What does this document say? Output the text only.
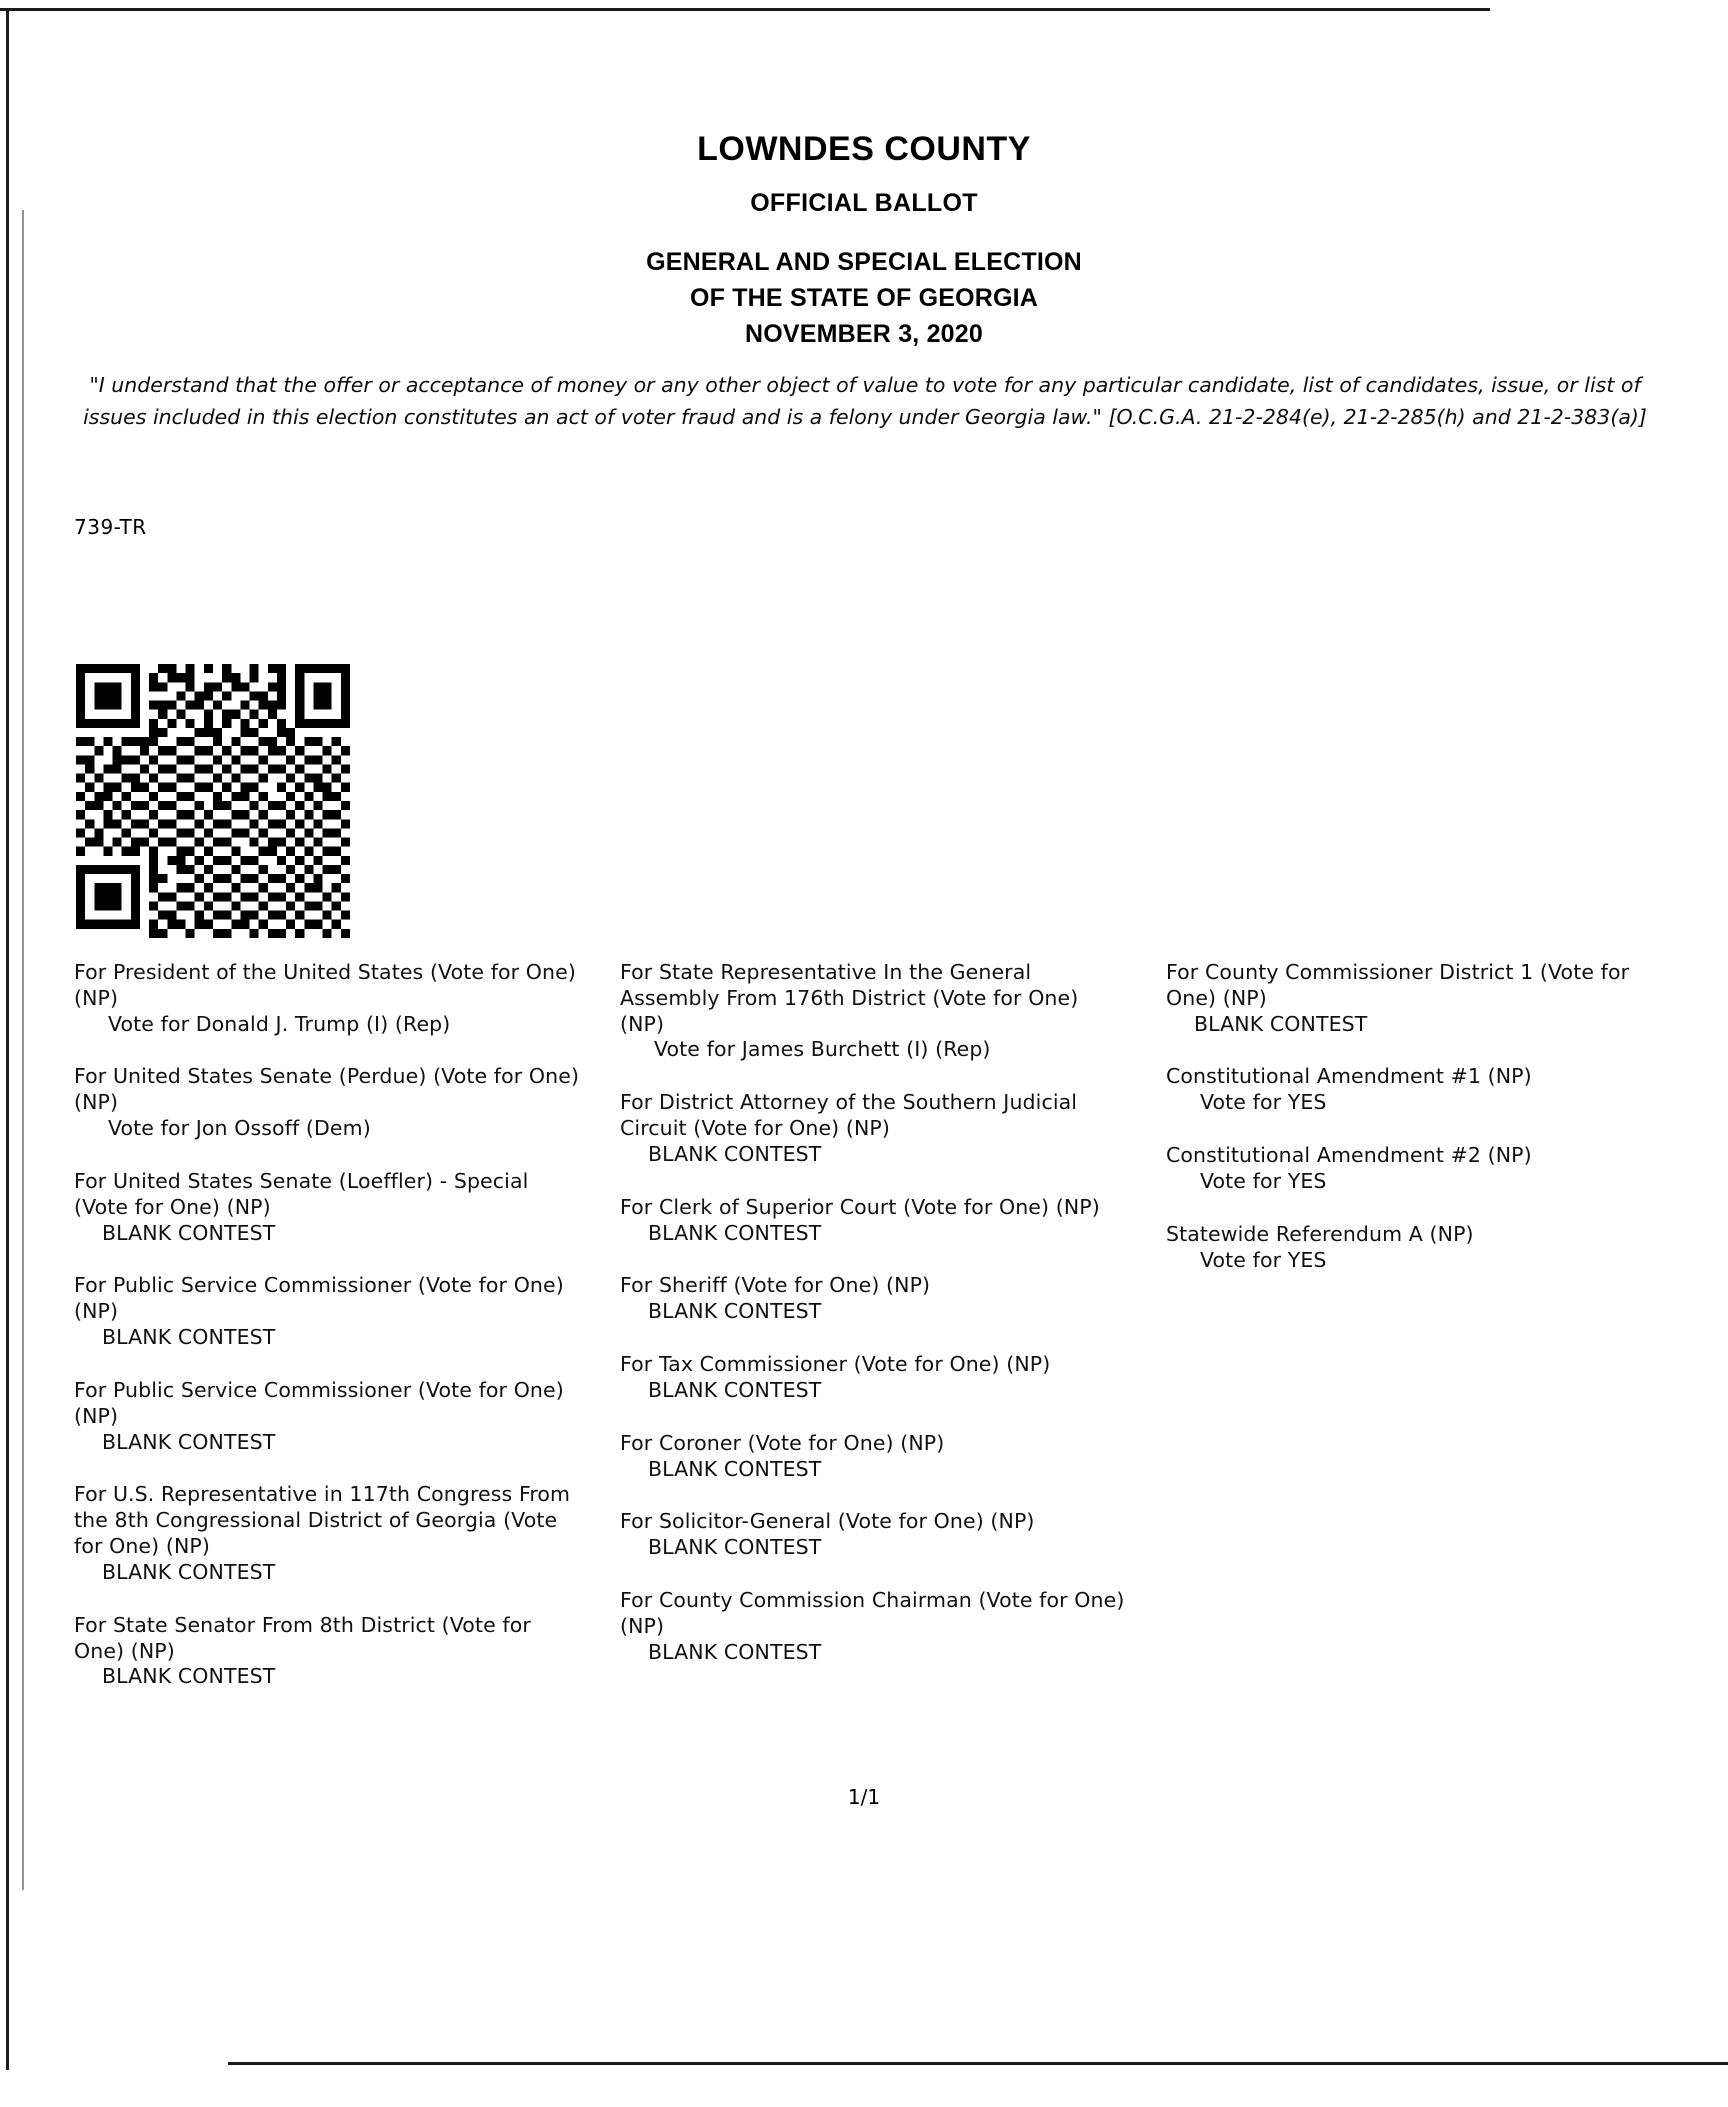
LOWNDES COUNTY
OFFICIAL BALLOT
GENERAL AND SPECIAL ELECTION
OF THE STATE OF GEORGIA
NOVEMBER 3, 2020
"I understand that the offer or acceptance of money or any other object of value to vote for any particular candidate, list of candidates, issue, or list of issues included in this election constitutes an act of voter fraud and is a felony under Georgia law." [O.C.G.A. 21-2-284(e), 21-2-285(h) and 21-2-383(a)]
739-TR
For President of the United States (Vote for One) (NP)
Vote for Donald J. Trump (I) (Rep)
For United States Senate (Perdue) (Vote for One) (NP)
Vote for Jon Ossoff (Dem)
For United States Senate (Loeffler) - Special (Vote for One) (NP)
BLANK CONTEST
For Public Service Commissioner (Vote for One) (NP)
BLANK CONTEST
For Public Service Commissioner (Vote for One) (NP)
BLANK CONTEST
For U.S. Representative in 117th Congress From the 8th Congressional District of Georgia (Vote for One) (NP)
BLANK CONTEST
For State Senator From 8th District (Vote for One) (NP)
BLANK CONTEST
For State Representative In the General Assembly From 176th District (Vote for One) (NP)
Vote for James Burchett (I) (Rep)
For District Attorney of the Southern Judicial Circuit (Vote for One) (NP)
BLANK CONTEST
For Clerk of Superior Court (Vote for One) (NP)
BLANK CONTEST
For Sheriff (Vote for One) (NP)
BLANK CONTEST
For Tax Commissioner (Vote for One) (NP)
BLANK CONTEST
For Coroner (Vote for One) (NP)
BLANK CONTEST
For Solicitor-General (Vote for One) (NP)
BLANK CONTEST
For County Commission Chairman (Vote for One) (NP)
BLANK CONTEST
For County Commissioner District 1 (Vote for One) (NP)
BLANK CONTEST
Constitutional Amendment #1 (NP)
Vote for YES
Constitutional Amendment #2 (NP)
Vote for YES
Statewide Referendum A (NP)
Vote for YES
1/1
